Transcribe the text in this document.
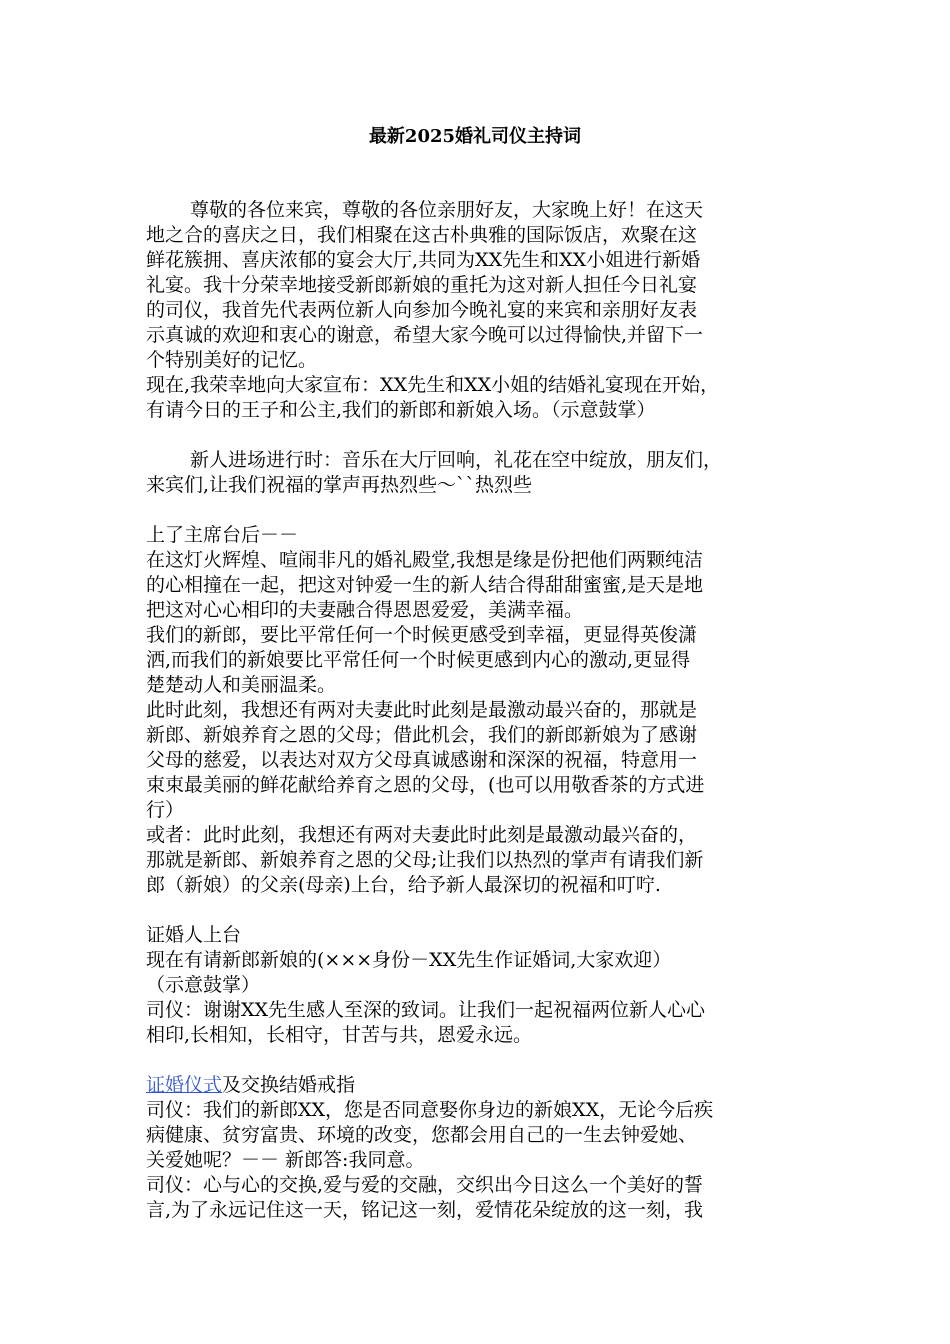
最新2025婚礼司仪主持词

尊敬的各位来宾，尊敬的各位亲朋好友，大家晚上好！在这天

地之合的喜庆之日，我们相聚在这古朴典雅的国际饭店，欢聚在这

鲜花簇拥、喜庆浓郁的宴会大厅,共同为XX先生和XX小姐进行新婚

礼宴。我十分荣幸地接受新郎新娘的重托为这对新人担任今日礼宴

的司仪，我首先代表两位新人向参加今晚礼宴的来宾和亲朋好友表

示真诚的欢迎和衷心的谢意，希望大家今晚可以过得愉快,并留下一

个特别美好的记忆。

现在,我荣幸地向大家宣布：XX先生和XX小姐的结婚礼宴现在开始，

有请今日的王子和公主,我们的新郎和新娘入场。（示意鼓掌）

新人进场进行时：音乐在大厅回响，礼花在空中绽放，朋友们，

来宾们,让我们祝福的掌声再热烈些～``热烈些

上了主席台后－－

在这灯火辉煌、喧闹非凡的婚礼殿堂,我想是缘是份把他们两颗纯洁

的心相撞在一起，把这对钟爱一生的新人结合得甜甜蜜蜜,是天是地

把这对心心相印的夫妻融合得恩恩爱爱，美满幸福。

我们的新郎，要比平常任何一个时候更感受到幸福，更显得英俊潇

洒,而我们的新娘要比平常任何一个时候更感到内心的激动,更显得

楚楚动人和美丽温柔。

此时此刻，我想还有两对夫妻此时此刻是最激动最兴奋的，那就是

新郎、新娘养育之恩的父母；借此机会，我们的新郎新娘为了感谢

父母的慈爱，以表达对双方父母真诚感谢和深深的祝福，特意用一

束束最美丽的鲜花献给养育之恩的父母，(也可以用敬香茶的方式进

行）

或者：此时此刻，我想还有两对夫妻此时此刻是最激动最兴奋的，

那就是新郎、新娘养育之恩的父母;让我们以热烈的掌声有请我们新

郎（新娘）的父亲(母亲)上台，给予新人最深切的祝福和叮咛.

证婚人上台

现在有请新郎新娘的(×××身份－XX先生作证婚词,大家欢迎）

（示意鼓掌）

司仪：谢谢XX先生感人至深的致词。让我们一起祝福两位新人心心

相印,长相知，长相守，甘苦与共，恩爱永远。

证婚仪式及交换结婚戒指

司仪：我们的新郎XX，您是否同意娶你身边的新娘XX，无论今后疾

病健康、贫穷富贵、环境的改变，您都会用自己的一生去钟爱她、

关爱她呢？－－ 新郎答:我同意。

司仪：心与心的交换,爱与爱的交融，交织出今日这么一个美好的誓

言,为了永远记住这一天，铭记这一刻，爱情花朵绽放的这一刻，我
